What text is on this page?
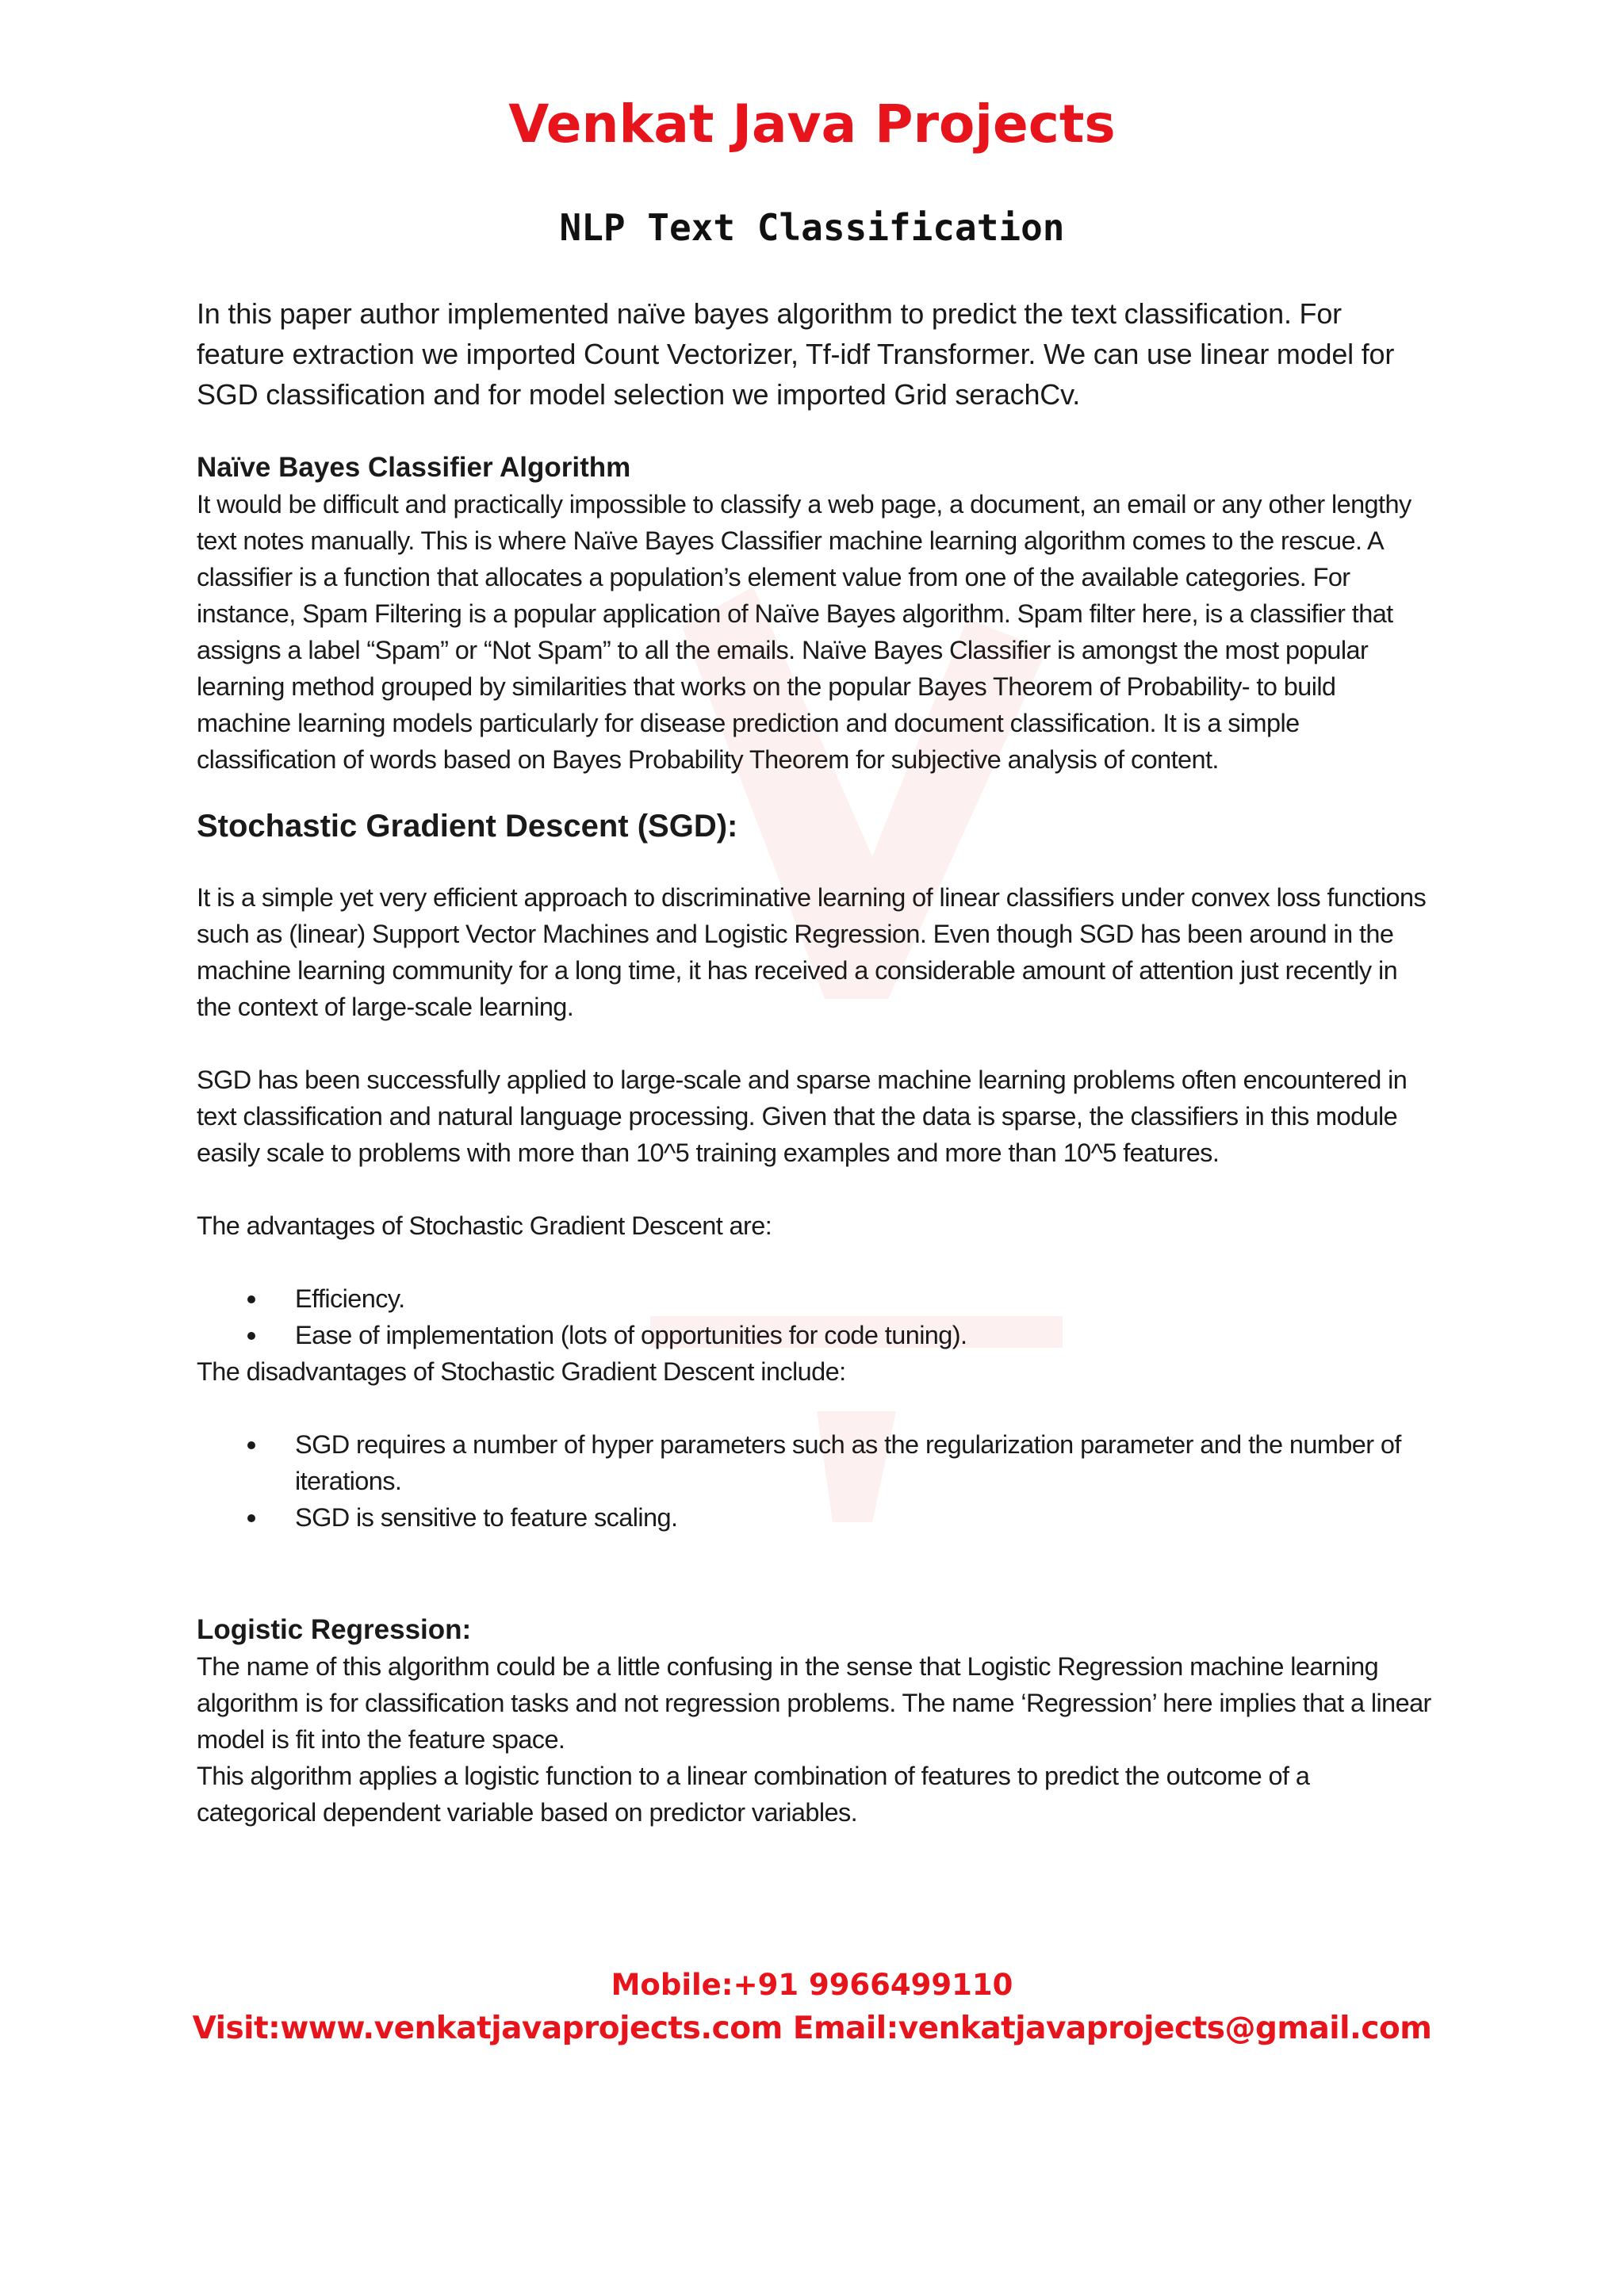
Venkat Java Projects
NLP Text Classification

In this paper author implemented naïve bayes algorithm to predict the text classification. For feature extraction we imported Count Vectorizer, Tf-idf Transformer. We can use linear model for SGD classification and for model selection we imported Grid serachCv.

Naïve Bayes Classifier Algorithm

It would be difficult and practically impossible to classify a web page, a document, an email or any other lengthy text notes manually. This is where Naïve Bayes Classifier machine learning algorithm comes to the rescue. A classifier is a function that allocates a population’s element value from one of the available categories. For instance, Spam Filtering is a popular application of Naïve Bayes algorithm. Spam filter here, is a classifier that assigns a label “Spam” or “Not Spam” to all the emails. Naïve Bayes Classifier is amongst the most popular learning method grouped by similarities that works on the popular Bayes Theorem of Probability- to build machine learning models particularly for disease prediction and document classification. It is a simple classification of words based on Bayes Probability Theorem for subjective analysis of content.

Stochastic Gradient Descent (SGD):

It is a simple yet very efficient approach to discriminative learning of linear classifiers under convex loss functions such as (linear) Support Vector Machines and Logistic Regression. Even though SGD has been around in the machine learning community for a long time, it has received a considerable amount of attention just recently in the context of large-scale learning.

SGD has been successfully applied to large-scale and sparse machine learning problems often encountered in text classification and natural language processing. Given that the data is sparse, the classifiers in this module easily scale to problems with more than 10^5 training examples and more than 10^5 features.

The advantages of Stochastic Gradient Descent are:

Efficiency.
Ease of implementation (lots of opportunities for code tuning).

The disadvantages of Stochastic Gradient Descent include:

SGD requires a number of hyper parameters such as the regularization parameter and the number of iterations.
SGD is sensitive to feature scaling.
Logistic Regression:

The name of this algorithm could be a little confusing in the sense that Logistic Regression machine learning algorithm is for classification tasks and not regression problems. The name ‘Regression’ here implies that a linear model is fit into the feature space.

This algorithm applies a logistic function to a linear combination of features to predict the outcome of a categorical dependent variable based on predictor variables.

Mobile:+91 9966499110
Visit:www.venkatjavaprojects.com Email:venkatjavaprojects@gmail.com
